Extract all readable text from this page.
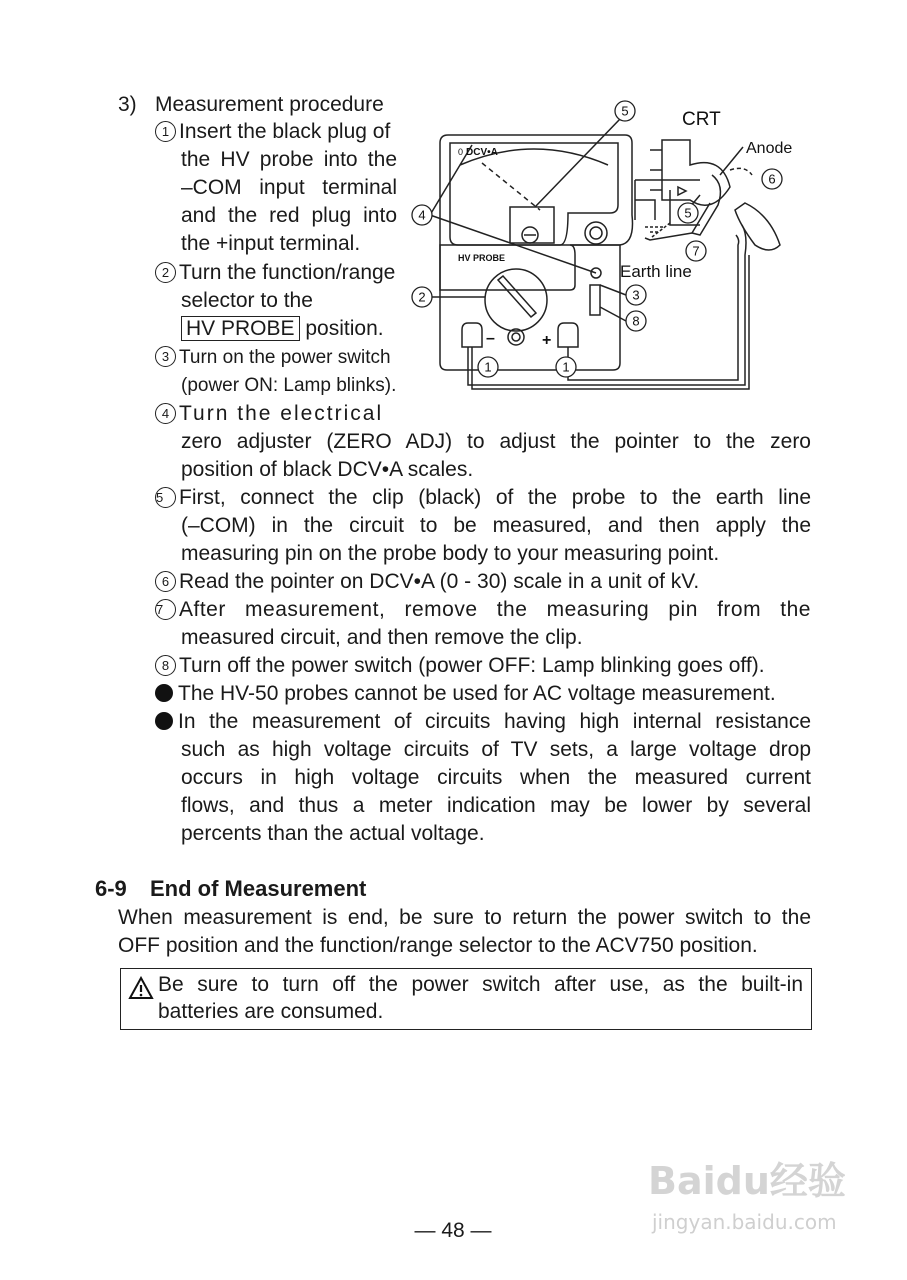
3) Measurement procedure
1 Insert the black plug of
the HV probe into the
–COM input terminal
and the red plug into
the +input terminal.
2 Turn the function/range
selector to the
HV PROBE position.
3 Turn on the power switch
(power ON: Lamp blinks).
4 Turn the electrical
zero adjuster (ZERO ADJ) to adjust the pointer to the zero
position of black DCV•A scales.
5 First, connect the clip (black) of the probe to the earth line
(–COM) in the circuit to be measured, and then apply the
measuring pin on the probe body to your measuring point.
6 Read the pointer on DCV•A (0 - 30) scale in a unit of kV.
7 After measurement, remove the measuring pin from the
measured circuit, and then remove the clip.
8 Turn off the power switch (power OFF: Lamp blinking goes off).
The HV-50 probes cannot be used for AC voltage measurement.
In the measurement of circuits having high internal resistance
such as high voltage circuits of TV sets, a large voltage drop
occurs in high voltage circuits when the measured current
flows, and thus a meter indication may be lower by several
percents than the actual voltage.
5
4
2	3
8
5
6
7
1	1
CRT
Anode
Earth line
0 DCV•A
HV PROBE
–	+
6-9 End of Measurement
When measurement is end, be sure to return the power switch to the
OFF position and the function/range selector to the ACV750 position.
Be sure to turn off the power switch after use, as the built-in
batteries are consumed.
Baidu经验
jingyan.baidu.com
— 48 —
